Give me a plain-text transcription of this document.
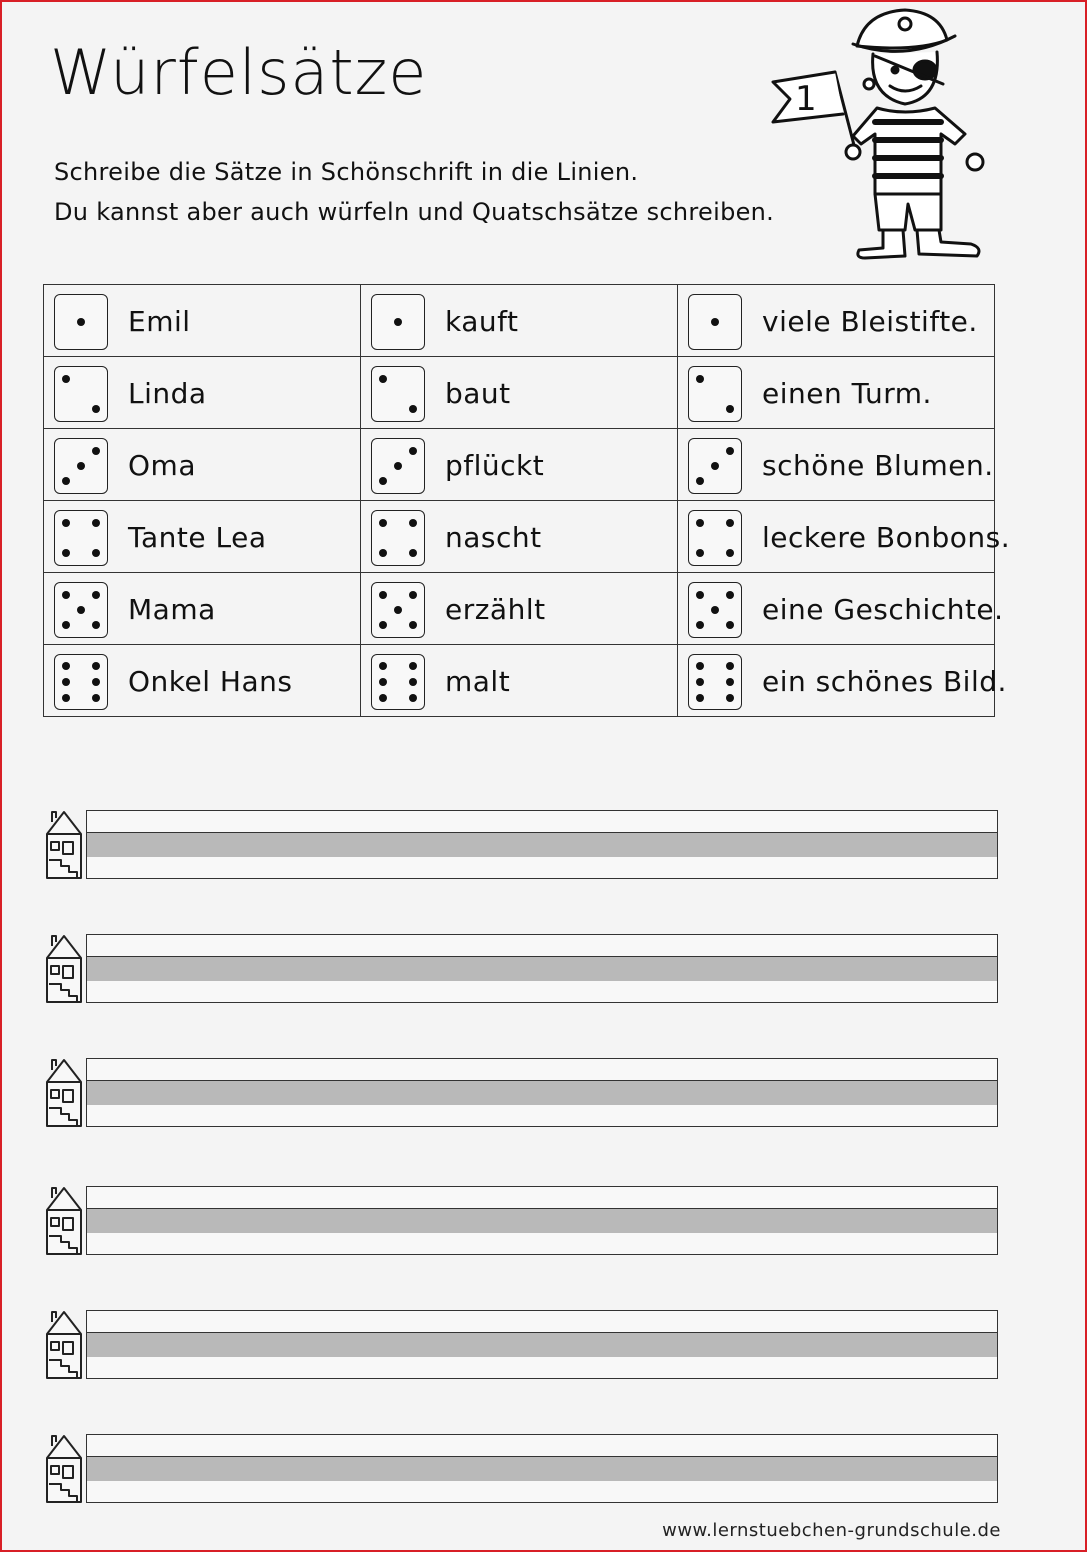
Würfelsätze
Schreibe die Sätze in Schönschrift in die Linien.
Du kannst aber auch würfeln und Quatschsätze schreiben.
1
Emil	kauft	viele Bleistifte.

Linda	baut	einen Turm.

Oma	pflückt	schöne Blumen.

Tante Lea	nascht	leckere Bonbons.

Mama	erzählt	eine Geschichte.

Onkel Hans	malt	ein schönes Bild.
www.lernstuebchen-grundschule.de
